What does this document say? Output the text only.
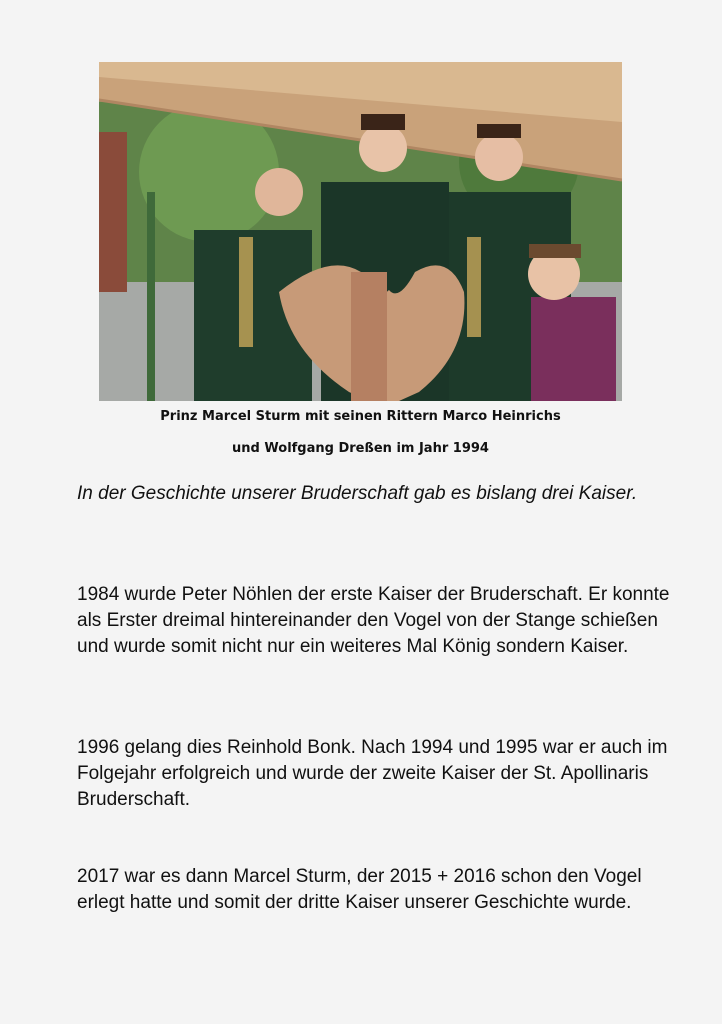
Prinz Marcel Sturm mit seinen Rittern Marco Heinrichs
und Wolfgang Dreßen im Jahr 1994

In der Geschichte unserer Bruderschaft gab es bislang drei Kaiser.

1984 wurde Peter Nöhlen der erste Kaiser der Bruderschaft. Er konnte als Erster dreimal hintereinander den Vogel von der Stange schießen und wurde somit nicht nur ein weiteres Mal König sondern Kaiser.

1996 gelang dies Reinhold Bonk. Nach 1994 und 1995 war er auch im Folgejahr erfolgreich und wurde der zweite Kaiser der St. Apollinaris Bruderschaft.

2017 war es dann Marcel Sturm, der 2015 + 2016 schon den Vogel erlegt hatte und somit der dritte Kaiser unserer Geschichte wurde.
